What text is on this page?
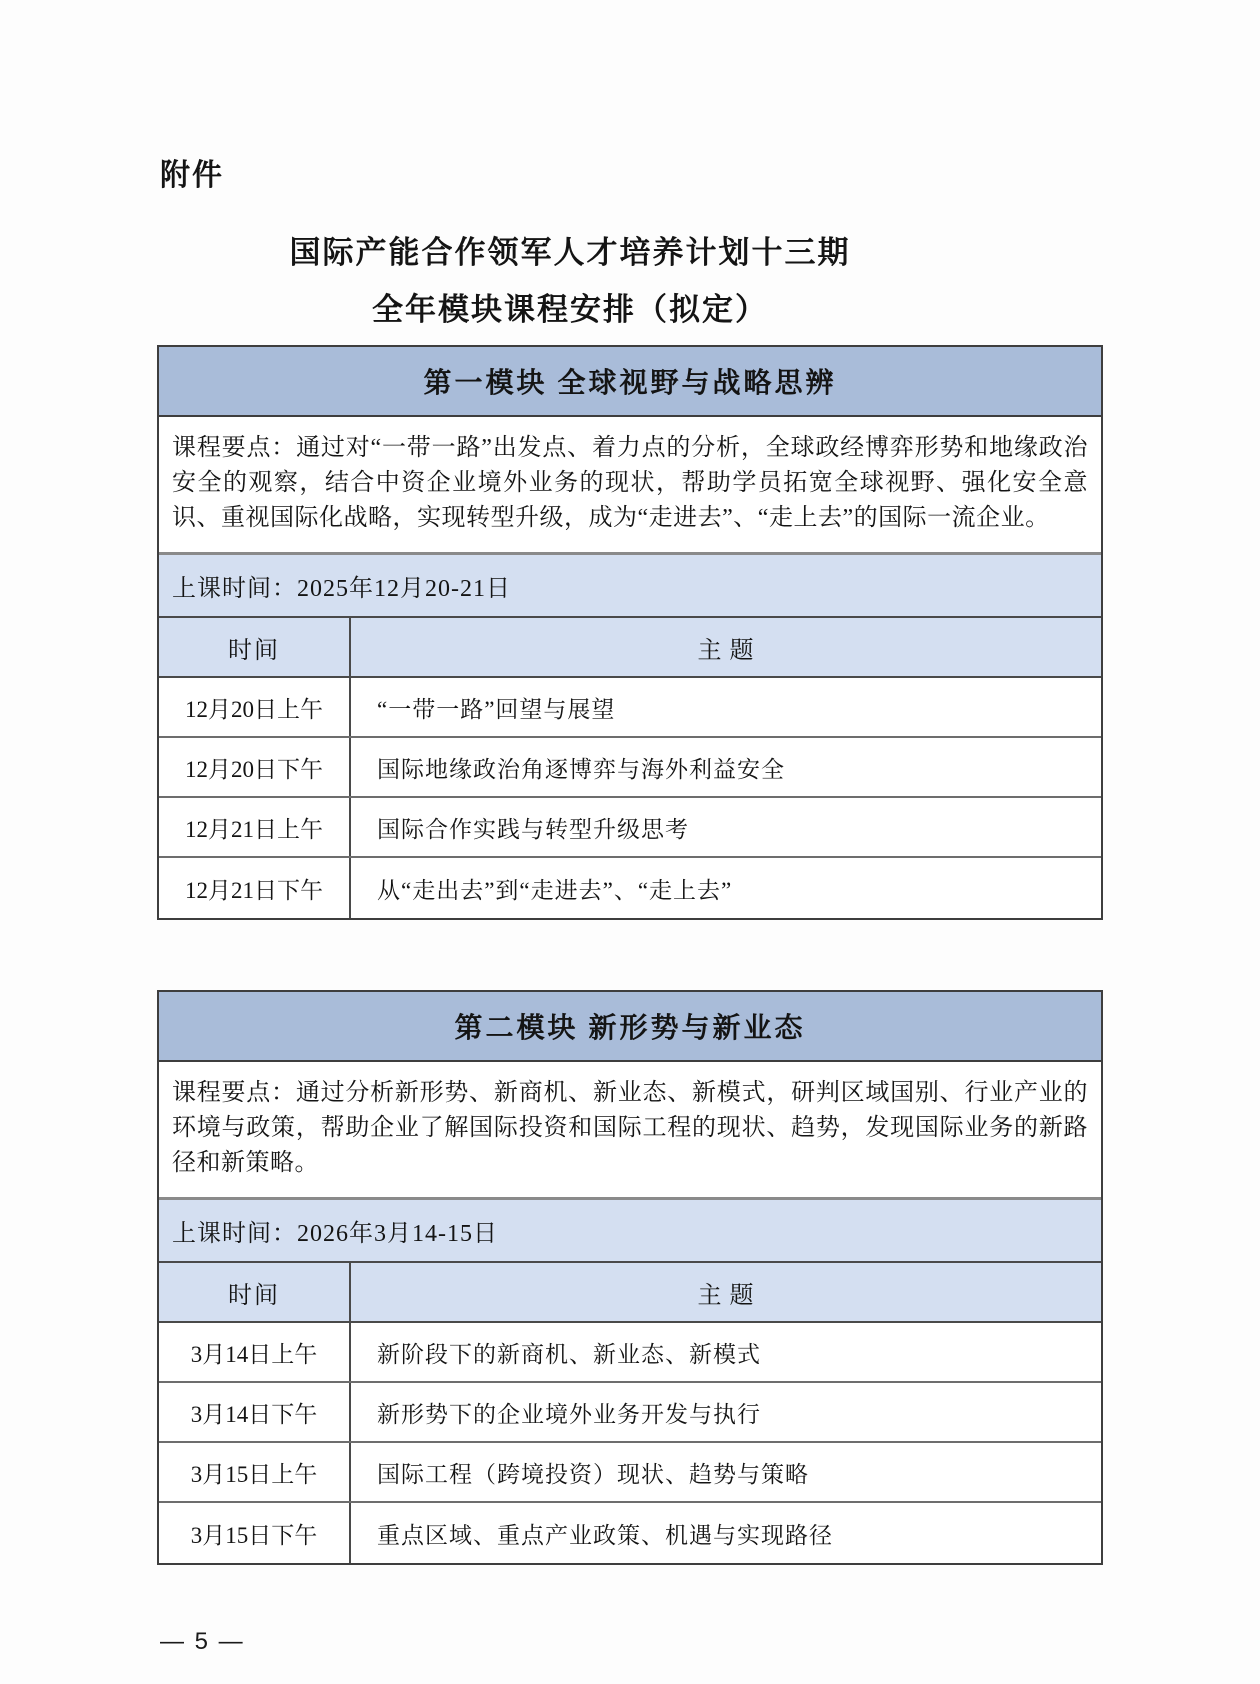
附件
国际产能合作领军人才培养计划十三期
全年模块课程安排（拟定）
第一模块 全球视野与战略思辨
课程要点：通过对“一带一路”出发点、着力点的分析，全球政经博弈形势和地缘政治安全的观察，结合中资企业境外业务的现状，帮助学员拓宽全球视野、强化安全意识、重视国际化战略，实现转型升级，成为“走进去”、“走上去”的国际一流企业。
上课时间：2025年12月20-21日
时间	主 题
12月20日上午	“一带一路”回望与展望
12月20日下午	国际地缘政治角逐博弈与海外利益安全
12月21日上午	国际合作实践与转型升级思考
12月21日下午	从“走出去”到“走进去”、“走上去”
第二模块 新形势与新业态
课程要点：通过分析新形势、新商机、新业态、新模式，研判区域国别、行业产业的环境与政策，帮助企业了解国际投资和国际工程的现状、趋势，发现国际业务的新路径和新策略。
上课时间：2026年3月14-15日
时间	主 题
3月14日上午	新阶段下的新商机、新业态、新模式
3月14日下午	新形势下的企业境外业务开发与执行
3月15日上午	国际工程（跨境投资）现状、趋势与策略
3月15日下午	重点区域、重点产业政策、机遇与实现路径
— 5 —
